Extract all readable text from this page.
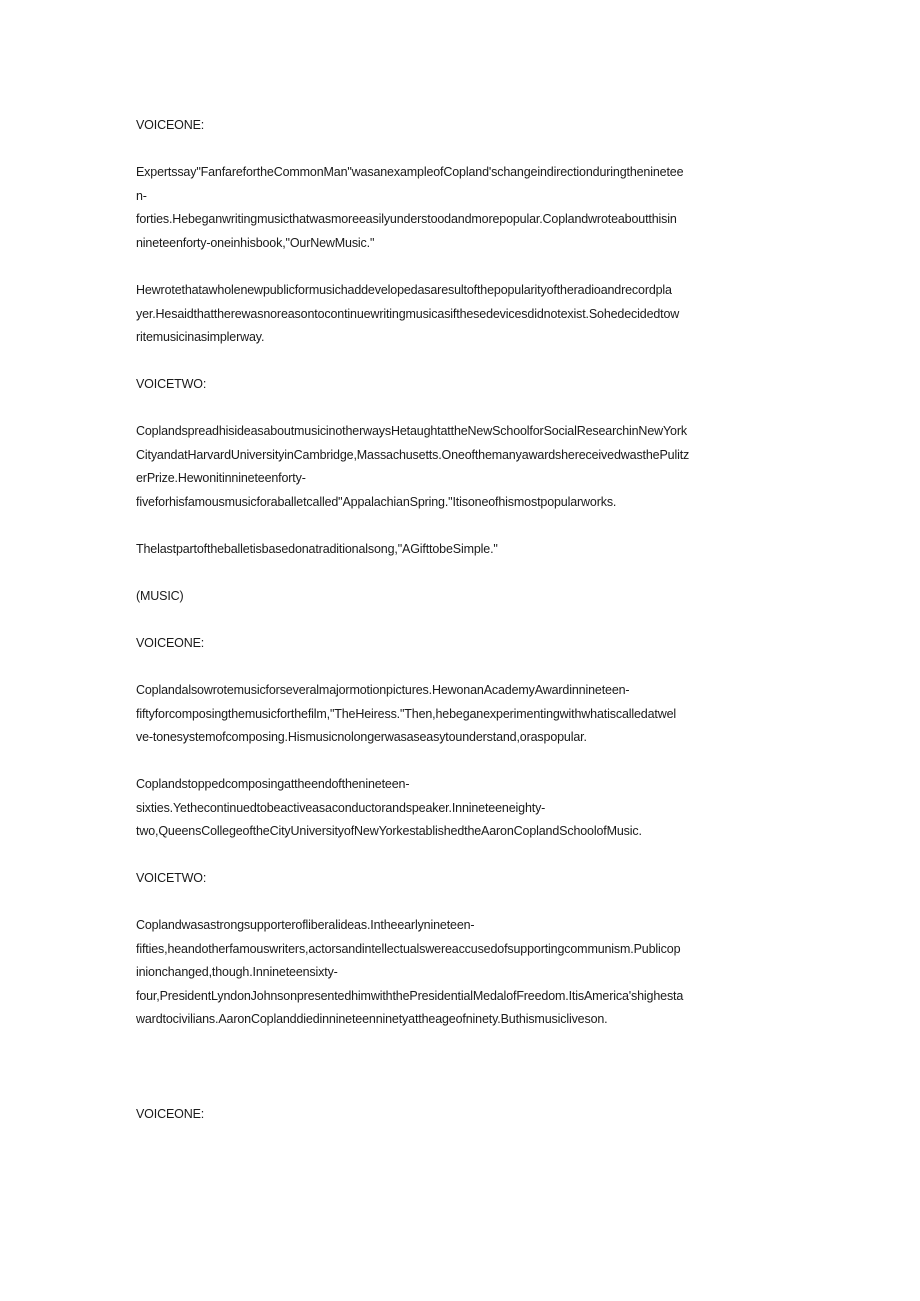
VOICEONE:

Expertssay"FanfarefortheCommonMan"wasanexampleofCopland'schangeindirectionduringtheninetee
n-
forties.Hebeganwritingmusicthatwasmoreeasilyunderstoodandmorepopular.Coplandwroteaboutthisin
nineteenforty-oneinhisbook,"OurNewMusic."

Hewrotethatawholenewpublicformusichaddevelopedasaresultofthepopularityoftheradioandrecordpla
yer.Hesaidthattherewasnoreasontocontinuewritingmusicasifthesedevicesdidnotexist.Sohedecidedtow
ritemusicinasimplerway.

VOICETWO:

CoplandspreadhisideasaboutmusicinotherwaysHetaughtattheNewSchoolforSocialResearchinNewYork
CityandatHarvardUniversityinCambridge,Massachusetts.OneofthemanyawardshereceivedwasthePulitz
erPrize.Hewonitinnineteenforty-
fiveforhisfamousmusicforaballetcalled"AppalachianSpring."Itisoneofhismostpopularworks.

Thelastpartoftheballetisbasedonatraditionalsong,"AGifttobeSimple."

(MUSIC)

VOICEONE:

Coplandalsowrotemusicforseveralmajormotionpictures.HewonanAcademyAwardinnineteen-
fiftyforcomposingthemusicforthefilm,"TheHeiress."Then,hebeganexperimentingwithwhatiscalledatwel
ve-tonesystemofcomposing.Hismusicnolongerwasaseasytounderstand,oraspopular.

Coplandstoppedcomposingattheendofthenineteen-
sixties.Yethecontinuedtobeactiveasaconductorandspeaker.Innineteeneighty-
two,QueensCollegeoftheCityUniversityofNewYorkestablishedtheAaronCoplandSchoolofMusic.

VOICETWO:

Coplandwasastrongsupporterofliberalideas.Intheearlynineteen-
fifties,heandotherfamouswriters,actorsandintellectualswereaccusedofsupportingcommunism.Publicop
inionchanged,though.Innineteensixty-
four,PresidentLyndonJohnsonpresentedhimwiththePresidentialMedalofFreedom.ItisAmerica'shighesta
wardtocivilians.AaronCoplanddiedinnineteenninetyattheageofninety.Buthismusicliveson.

VOICEONE:
